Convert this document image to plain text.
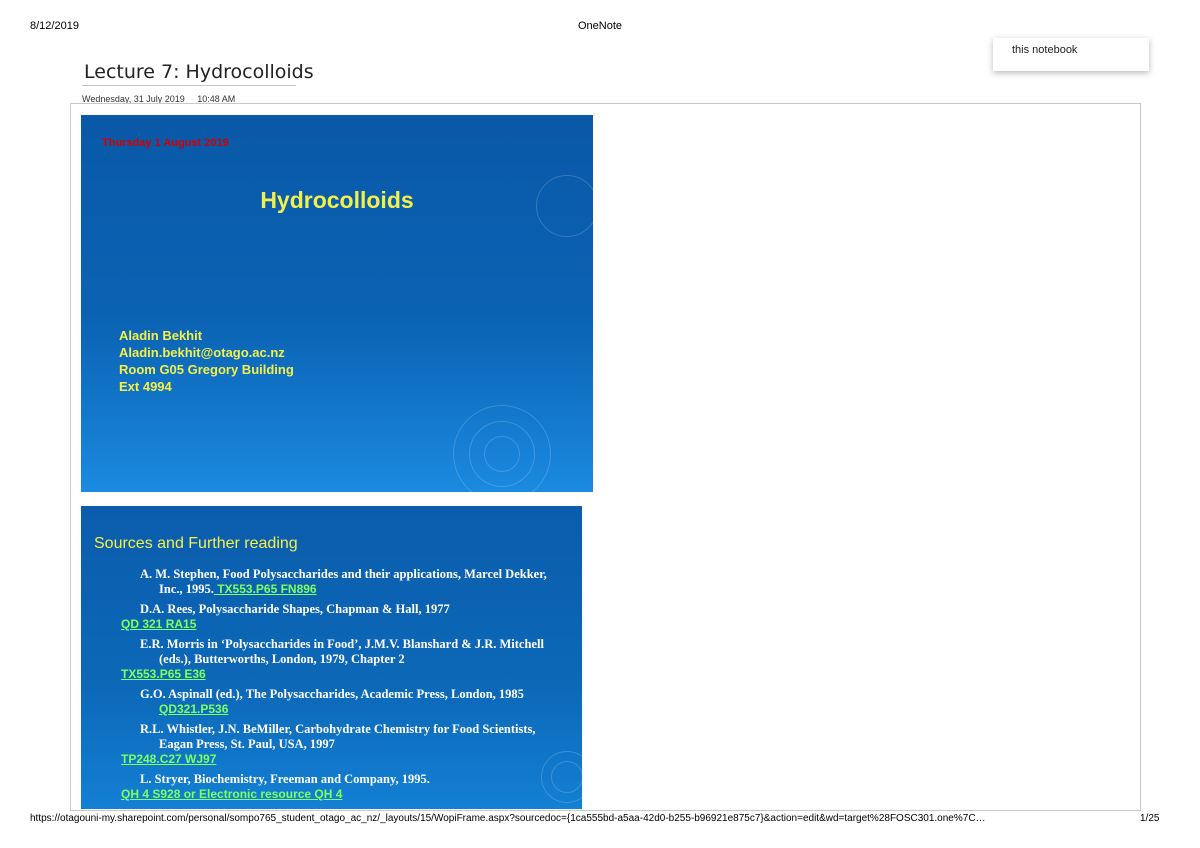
8/12/2019	OneNote
this notebook
Lecture 7: Hydrocolloids
Wednesday, 31 July 2019 10:48 AM
Thursday 1 August 2019
Hydrocolloids
Aladin Bekhit
Aladin.bekhit@otago.ac.nz
Room G05 Gregory Building
Ext 4994
Sources and Further reading
A. M. Stephen, Food Polysaccharides and their applications, Marcel Dekker, Inc., 1995. TX553.P65 FN896
D.A. Rees, Polysaccharide Shapes, Chapman & Hall, 1977
QD 321 RA15
E.R. Morris in ‘Polysaccharides in Food’, J.M.V. Blanshard & J.R. Mitchell (eds.), Butterworths, London, 1979, Chapter 2
TX553.P65 E36
G.O. Aspinall (ed.), The Polysaccharides, Academic Press, London, 1985 QD321.P536
R.L. Whistler, J.N. BeMiller, Carbohydrate Chemistry for Food Scientists, Eagan Press, St. Paul, USA, 1997
TP248.C27 WJ97
L. Stryer, Biochemistry, Freeman and Company, 1995.
QH 4 S928 or Electronic resource QH 4
https://otagouni-my.sharepoint.com/personal/sompo765_student_otago_ac_nz/_layouts/15/WopiFrame.aspx?sourcedoc={1ca555bd-a5aa-42d0-b255-b96921e875c7}&action=edit&wd=target%28FOSC301.one%7C…	1/25
